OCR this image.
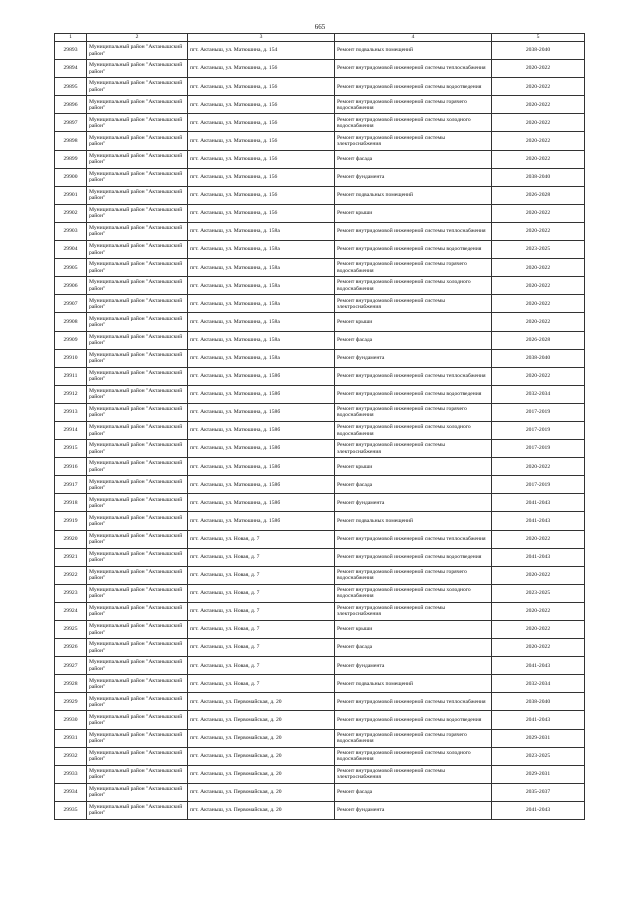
665
1	2	3	4	5
29893	Муниципальный район "Актанышский район"	пгт. Актаныш, ул. Матюшина, д. 154	Ремонт подвальных помещений	2038-2040
29894	Муниципальный район "Актанышский район"	пгт. Актаныш, ул. Матюшина, д. 156	Ремонт внутридомовой инженерной системы теплоснабжения	2020-2022
29895	Муниципальный район "Актанышский район"	пгт. Актаныш, ул. Матюшина, д. 156	Ремонт внутридомовой инженерной системы водоотведения	2020-2022
29896	Муниципальный район "Актанышский район"	пгт. Актаныш, ул. Матюшина, д. 156	Ремонт внутридомовой инженерной системы горячего водоснабжения	2020-2022
29897	Муниципальный район "Актанышский район"	пгт. Актаныш, ул. Матюшина, д. 156	Ремонт внутридомовой инженерной системы холодного водоснабжения	2020-2022
29898	Муниципальный район "Актанышский район"	пгт. Актаныш, ул. Матюшина, д. 156	Ремонт внутридомовой инженерной системы электроснабжения	2020-2022
29899	Муниципальный район "Актанышский район"	пгт. Актаныш, ул. Матюшина, д. 156	Ремонт фасада	2020-2022
29900	Муниципальный район "Актанышский район"	пгт. Актаныш, ул. Матюшина, д. 156	Ремонт фундамента	2038-2040
29901	Муниципальный район "Актанышский район"	пгт. Актаныш, ул. Матюшина, д. 156	Ремонт подвальных помещений	2026-2028
29902	Муниципальный район "Актанышский район"	пгт. Актаныш, ул. Матюшина, д. 156	Ремонт крыши	2020-2022
29903	Муниципальный район "Актанышский район"	пгт. Актаныш, ул. Матюшина, д. 158а	Ремонт внутридомовой инженерной системы теплоснабжения	2020-2022
29904	Муниципальный район "Актанышский район"	пгт. Актаныш, ул. Матюшина, д. 158а	Ремонт внутридомовой инженерной системы водоотведения	2023-2025
29905	Муниципальный район "Актанышский район"	пгт. Актаныш, ул. Матюшина, д. 158а	Ремонт внутридомовой инженерной системы горячего водоснабжения	2020-2022
29906	Муниципальный район "Актанышский район"	пгт. Актаныш, ул. Матюшина, д. 158а	Ремонт внутридомовой инженерной системы холодного водоснабжения	2020-2022
29907	Муниципальный район "Актанышский район"	пгт. Актаныш, ул. Матюшина, д. 158а	Ремонт внутридомовой инженерной системы электроснабжения	2020-2022
29908	Муниципальный район "Актанышский район"	пгт. Актаныш, ул. Матюшина, д. 158а	Ремонт крыши	2020-2022
29909	Муниципальный район "Актанышский район"	пгт. Актаныш, ул. Матюшина, д. 158а	Ремонт фасада	2026-2028
29910	Муниципальный район "Актанышский район"	пгт. Актаныш, ул. Матюшина, д. 158а	Ремонт фундамента	2038-2040
29911	Муниципальный район "Актанышский район"	пгт. Актаныш, ул. Матюшина, д. 158б	Ремонт внутридомовой инженерной системы теплоснабжения	2020-2022
29912	Муниципальный район "Актанышский район"	пгт. Актаныш, ул. Матюшина, д. 158б	Ремонт внутридомовой инженерной системы водоотведения	2032-2034
29913	Муниципальный район "Актанышский район"	пгт. Актаныш, ул. Матюшина, д. 158б	Ремонт внутридомовой инженерной системы горячего водоснабжения	2017-2019
29914	Муниципальный район "Актанышский район"	пгт. Актаныш, ул. Матюшина, д. 158б	Ремонт внутридомовой инженерной системы холодного водоснабжения	2017-2019
29915	Муниципальный район "Актанышский район"	пгт. Актаныш, ул. Матюшина, д. 158б	Ремонт внутридомовой инженерной системы электроснабжения	2017-2019
29916	Муниципальный район "Актанышский район"	пгт. Актаныш, ул. Матюшина, д. 158б	Ремонт крыши	2020-2022
29917	Муниципальный район "Актанышский район"	пгт. Актаныш, ул. Матюшина, д. 158б	Ремонт фасада	2017-2019
29918	Муниципальный район "Актанышский район"	пгт. Актаныш, ул. Матюшина, д. 158б	Ремонт фундамента	2041-2043
29919	Муниципальный район "Актанышский район"	пгт. Актаныш, ул. Матюшина, д. 158б	Ремонт подвальных помещений	2041-2043
29920	Муниципальный район "Актанышский район"	пгт. Актаныш, ул. Новая, д. 7	Ремонт внутридомовой инженерной системы теплоснабжения	2020-2022
29921	Муниципальный район "Актанышский район"	пгт. Актаныш, ул. Новая, д. 7	Ремонт внутридомовой инженерной системы водоотведения	2041-2043
29922	Муниципальный район "Актанышский район"	пгт. Актаныш, ул. Новая, д. 7	Ремонт внутридомовой инженерной системы горячего водоснабжения	2020-2022
29923	Муниципальный район "Актанышский район"	пгт. Актаныш, ул. Новая, д. 7	Ремонт внутридомовой инженерной системы холодного водоснабжения	2023-2025
29924	Муниципальный район "Актанышский район"	пгт. Актаныш, ул. Новая, д. 7	Ремонт внутридомовой инженерной системы электроснабжения	2020-2022
29925	Муниципальный район "Актанышский район"	пгт. Актаныш, ул. Новая, д. 7	Ремонт крыши	2020-2022
29926	Муниципальный район "Актанышский район"	пгт. Актаныш, ул. Новая, д. 7	Ремонт фасада	2020-2022
29927	Муниципальный район "Актанышский район"	пгт. Актаныш, ул. Новая, д. 7	Ремонт фундамента	2041-2043
29928	Муниципальный район "Актанышский район"	пгт. Актаныш, ул. Новая, д. 7	Ремонт подвальных помещений	2032-2034
29929	Муниципальный район "Актанышский район"	пгт. Актаныш, ул. Первомайская, д. 20	Ремонт внутридомовой инженерной системы теплоснабжения	2038-2040
29930	Муниципальный район "Актанышский район"	пгт. Актаныш, ул. Первомайская, д. 20	Ремонт внутридомовой инженерной системы водоотведения	2041-2043
29931	Муниципальный район "Актанышский район"	пгт. Актаныш, ул. Первомайская, д. 20	Ремонт внутридомовой инженерной системы горячего водоснабжения	2029-2031
29932	Муниципальный район "Актанышский район"	пгт. Актаныш, ул. Первомайская, д. 20	Ремонт внутридомовой инженерной системы холодного водоснабжения	2023-2025
29933	Муниципальный район "Актанышский район"	пгт. Актаныш, ул. Первомайская, д. 20	Ремонт внутридомовой инженерной системы электроснабжения	2029-2031
29934	Муниципальный район "Актанышский район"	пгт. Актаныш, ул. Первомайская, д. 20	Ремонт фасада	2035-2037
29935	Муниципальный район "Актанышский район"	пгт. Актаныш, ул. Первомайская, д. 20	Ремонт фундамента	2041-2043
